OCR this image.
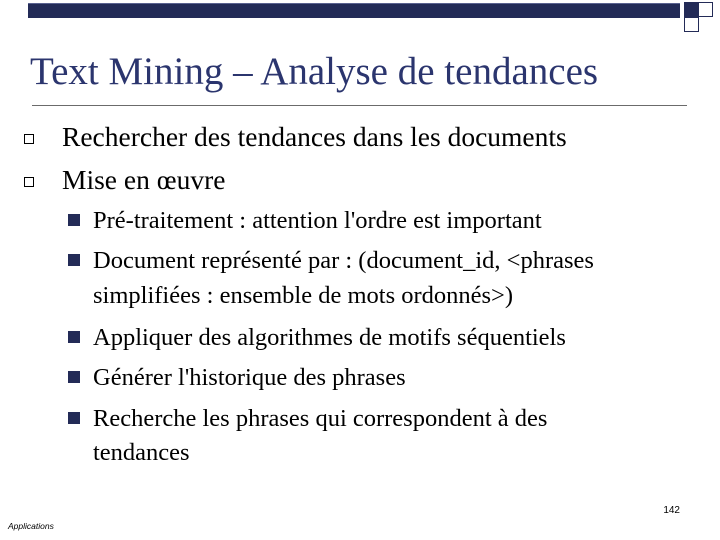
Text Mining – Analyse de tendances
Rechercher des tendances dans les documents
Mise en œuvre
Pré-traitement : attention l'ordre est important
Document représenté par : (document_id, <phrases
simplifiées : ensemble de mots ordonnés>)
Appliquer des algorithmes de motifs séquentiels
Générer l'historique des phrases
Recherche les phrases qui correspondent à des
tendances
142
Applications
